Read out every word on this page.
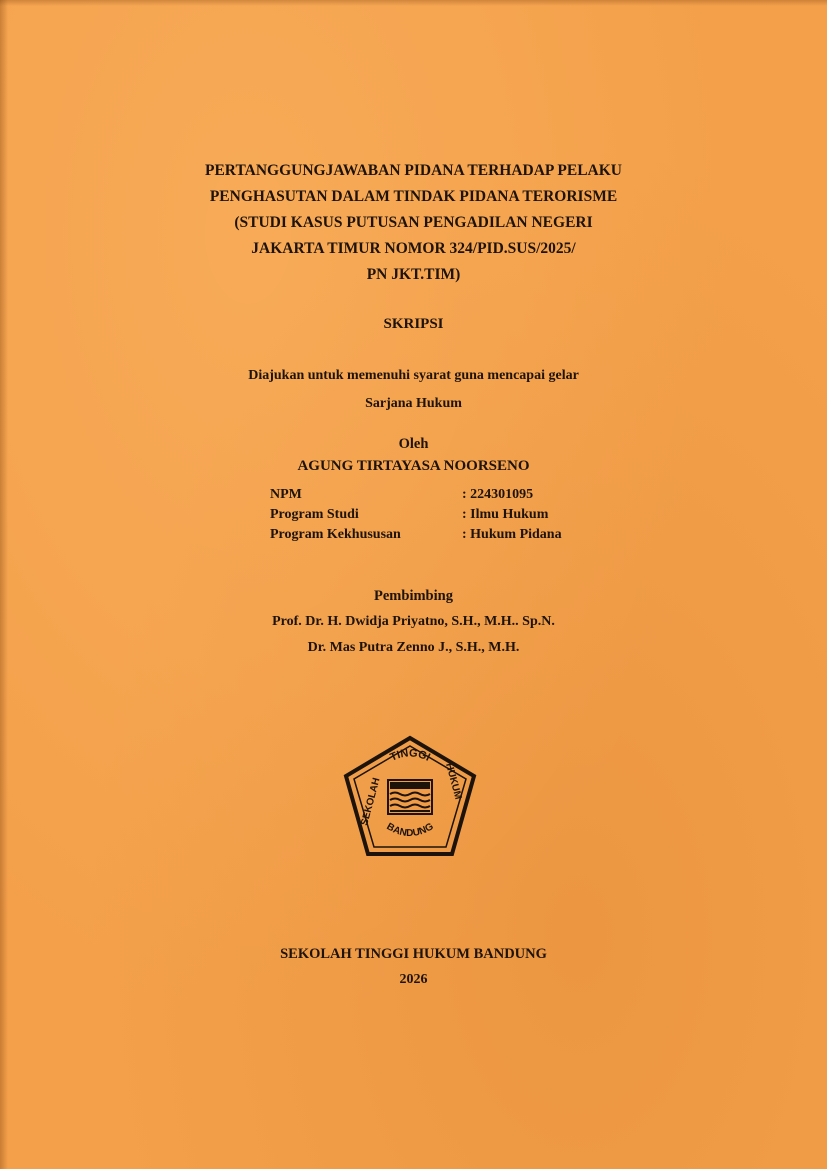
PERTANGGUNGJAWABAN PIDANA TERHADAP PELAKU
PENGHASUTAN DALAM TINDAK PIDANA TERORISME
(STUDI KASUS PUTUSAN PENGADILAN NEGERI
JAKARTA TIMUR NOMOR 324/PID.SUS/2025/
PN JKT.TIM)
SKRIPSI
Diajukan untuk memenuhi syarat guna mencapai gelar
Sarjana Hukum
Oleh
AGUNG TIRTAYASA NOORSENO
NPM	: 224301095
Program Studi	: Ilmu Hukum
Program Kekhususan	: Hukum Pidana
Pembimbing
Prof. Dr. H. Dwidja Priyatno, S.H., M.H.. Sp.N.
Dr. Mas Putra Zenno J., S.H., M.H.
TINGGI
SEKOLAH	HUKUM
BANDUNG
SEKOLAH TINGGI HUKUM BANDUNG
2026
